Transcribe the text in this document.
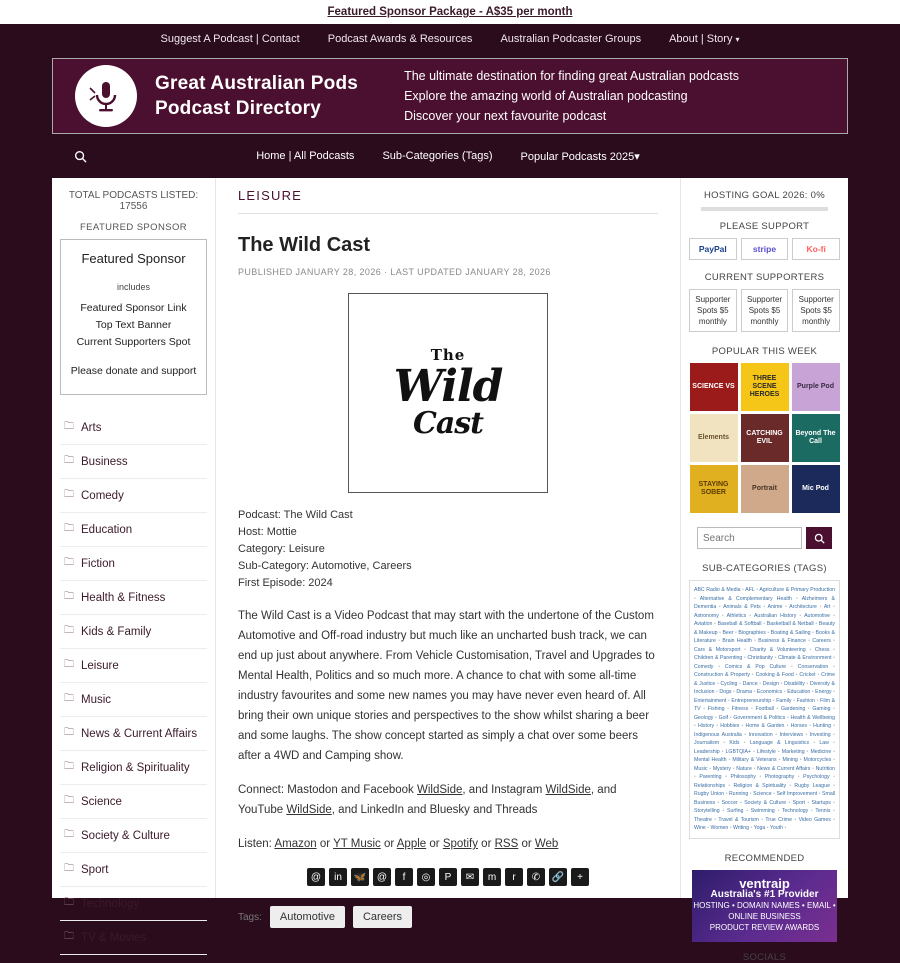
Featured Sponsor Package - A$35 per month
Suggest A Podcast | Contact	Podcast Awards & Resources	Australian Podcaster Groups	About | Story ▾
Great Australian Pods
Podcast Directory
The ultimate destination for finding great Australian podcasts
Explore the amazing world of Australian podcasting
Discover your next favourite podcast
Home | All Podcasts	Sub-Categories (Tags)	Popular Podcasts 2025▾
TOTAL PODCASTS LISTED: 17556
FEATURED SPONSOR
Featured Sponsor
includes
Featured Sponsor Link
Top Text Banner
Current Supporters Spot
Please donate and support
🗀 Arts
🗀 Business
🗀 Comedy
🗀 Education
🗀 Fiction
🗀 Health & Fitness
🗀 Kids & Family
🗀 Leisure
🗀 Music
🗀 News & Current Affairs
🗀 Religion & Spirituality
🗀 Science
🗀 Society & Culture
🗀 Sport
🗀 Technology
🗀 TV & Movies
LEISURE
The Wild Cast
PUBLISHED JANUARY 28, 2026 · LAST UPDATED JANUARY 28, 2026
The
Wild
Cast
Podcast: The Wild Cast
Host: Mottie
Category: Leisure
Sub-Category: Automotive, Careers
First Episode: 2024

The Wild Cast is a Video Podcast that may start with the undertone of the Custom Automotive and Off-road industry but much like an uncharted bush track, we can end up just about anywhere. From Vehicle Customisation, Travel and Upgrades to Mental Health, Politics and so much more. A chance to chat with some all-time industry favourites and some new names you may have never even heard of. All bring their own unique stories and perspectives to the show whilst sharing a beer and some laughs. The show concept started as simply a chat over some beers after a 4WD and Camping show.

Connect: Mastodon and Facebook WildSide, and Instagram WildSide, and YouTube WildSide, and LinkedIn and Bluesky and Threads

Listen: Amazon or YT Music or Apple or Spotify or RSS or Web

@	in	🦋	@	f	◎	P	✉	m	r	✆	🔗	+
Tags:	Automotive	Careers
HOSTING GOAL 2026: 0%
PLEASE SUPPORT
PayPal	stripe	Ko-fi
CURRENT SUPPORTERS
Supporter Spots $5 monthly
Supporter Spots $5 monthly
Supporter Spots $5 monthly
POPULAR THIS WEEK
SCIENCE VS
THREE SCENE HEROES
Purple Pod
Elements
CATCHING EVIL
Beyond The Call
STAYING SOBER
Portrait	Mic Pod
Search
SUB-CATEGORIES (TAGS)
ABC Radio & Media • AFL • Agriculture & Primary Production • Alternative & Complementary Health • Alzheimers & Dementia • Animals & Pets • Anime • Architecture • Art • Astronomy • Athletics • Australian History • Automotive • Aviation • Baseball & Softball • Basketball & Netball • Beauty & Makeup • Beer • Biographies • Boating & Sailing • Books & Literature • Brain Health • Business & Finance • Careers • Cars & Motorsport • Charity & Volunteering • Chess • Children & Parenting • Christianity • Climate & Environment • Comedy • Comics & Pop Culture • Conservation • Construction & Property • Cooking & Food • Cricket • Crime & Justice • Cycling • Dance • Design • Disability • Diversity & Inclusion • Dogs • Drama • Economics • Education • Energy • Entertainment • Entrepreneurship • Family • Fashion • Film & TV • Fishing • Fitness • Football • Gardening • Gaming • Geology • Golf • Government & Politics • Health & Wellbeing • History • Hobbies • Home & Garden • Horses • Hunting • Indigenous Australia • Innovation • Interviews • Investing • Journalism • Kids • Language & Linguistics • Law • Leadership • LGBTQIA+ • Lifestyle • Marketing • Medicine • Mental Health • Military & Veterans • Mining • Motorcycles • Music • Mystery • Nature • News & Current Affairs • Nutrition • Parenting • Philosophy • Photography • Psychology • Relationships • Religion & Spirituality • Rugby League • Rugby Union • Running • Science • Self Improvement • Small Business • Soccer • Society & Culture • Sport • Startups • Storytelling • Surfing • Swimming • Technology • Tennis • Theatre • Travel & Tourism • True Crime • Video Games • Wine • Women • Writing • Yoga • Youth •
RECOMMENDED
ventraip
Australia's #1 Provider
HOSTING • DOMAIN NAMES • EMAIL • ONLINE BUSINESS
PRODUCT REVIEW AWARDS
SOCIALS
